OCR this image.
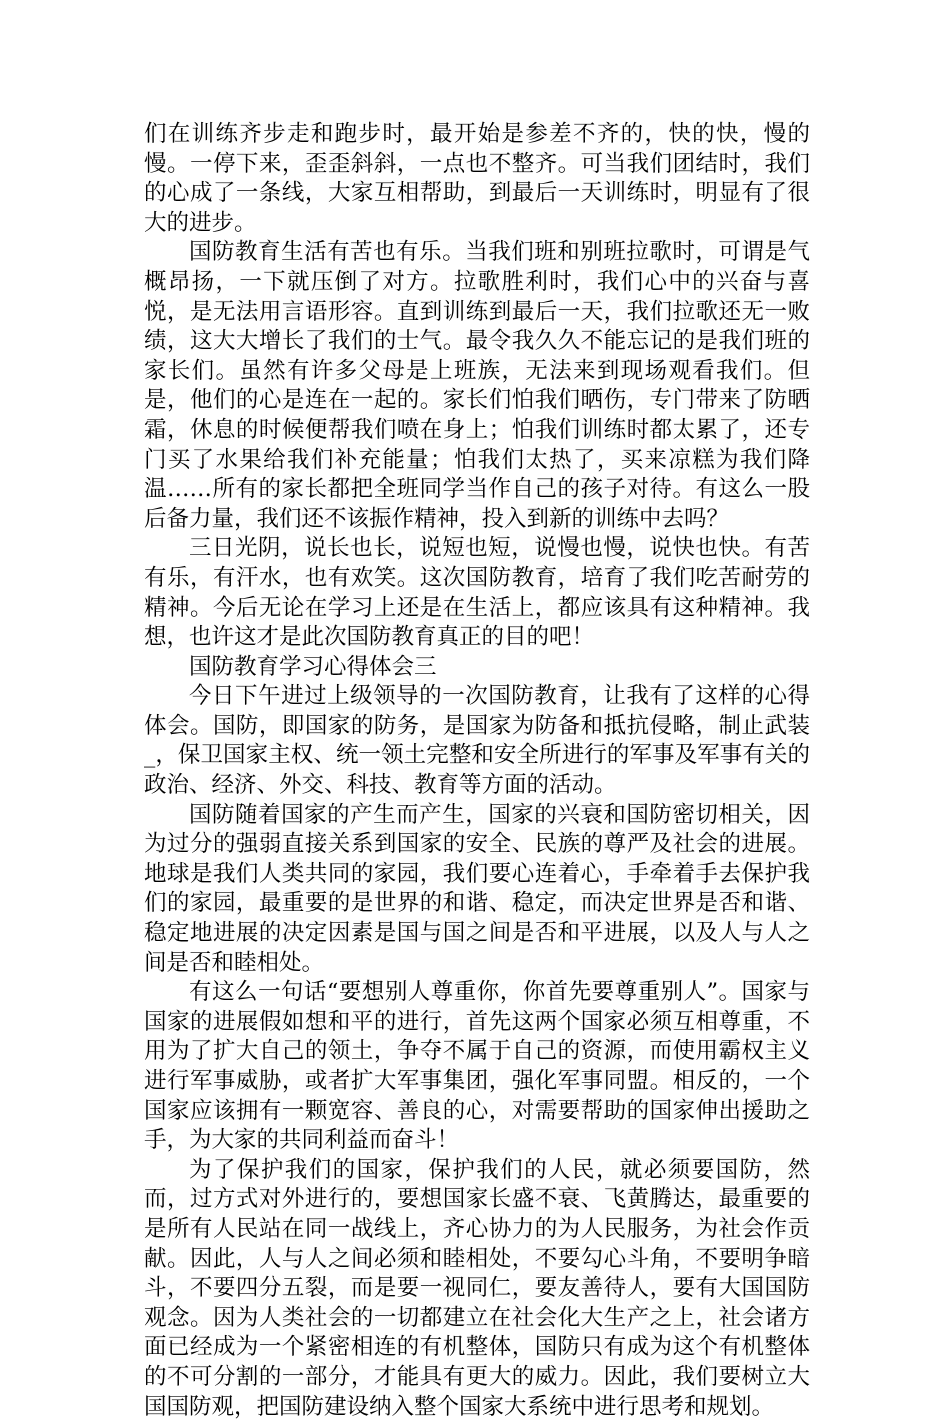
们在训练齐步走和跑步时，最开始是参差不齐的，快的快，慢的慢。一停下来，歪歪斜斜，一点也不整齐。可当我们团结时，我们的心成了一条线，大家互相帮助，到最后一天训练时，明显有了很大的进步。

国防教育生活有苦也有乐。当我们班和别班拉歌时，可谓是气概昂扬，一下就压倒了对方。拉歌胜利时，我们心中的兴奋与喜悦，是无法用言语形容。直到训练到最后一天，我们拉歌还无一败绩，这大大增长了我们的士气。最令我久久不能忘记的是我们班的家长们。虽然有许多父母是上班族，无法来到现场观看我们。但是，他们的心是连在一起的。家长们怕我们晒伤，专门带来了防晒霜，休息的时候便帮我们喷在身上；怕我们训练时都太累了，还专门买了水果给我们补充能量；怕我们太热了，买来凉糕为我们降温……所有的家长都把全班同学当作自己的孩子对待。有这么一股后备力量，我们还不该振作精神，投入到新的训练中去吗？

三日光阴，说长也长，说短也短，说慢也慢，说快也快。有苦有乐，有汗水，也有欢笑。这次国防教育，培育了我们吃苦耐劳的精神。今后无论在学习上还是在生活上，都应该具有这种精神。我想，也许这才是此次国防教育真正的目的吧！

国防教育学习心得体会三

今日下午进过上级领导的一次国防教育，让我有了这样的心得体会。国防，即国家的防务，是国家为防备和抵抗侵略，制止武装_，保卫国家主权、统一领土完整和安全所进行的军事及军事有关的政治、经济、外交、科技、教育等方面的活动。

国防随着国家的产生而产生，国家的兴衰和国防密切相关，因为过分的强弱直接关系到国家的安全、民族的尊严及社会的进展。地球是我们人类共同的家园，我们要心连着心，手牵着手去保护我们的家园，最重要的是世界的和谐、稳定，而决定世界是否和谐、稳定地进展的决定因素是国与国之间是否和平进展，以及人与人之间是否和睦相处。

有这么一句话“要想别人尊重你，你首先要尊重别人”。国家与国家的进展假如想和平的进行，首先这两个国家必须互相尊重，不用为了扩大自己的领土，争夺不属于自己的资源，而使用霸权主义进行军事威胁，或者扩大军事集团，强化军事同盟。相反的，一个国家应该拥有一颗宽容、善良的心，对需要帮助的国家伸出援助之手，为大家的共同利益而奋斗！

为了保护我们的国家，保护我们的人民，就必须要国防，然而，过方式对外进行的，要想国家长盛不衰、飞黄腾达，最重要的是所有人民站在同一战线上，齐心协力的为人民服务，为社会作贡献。因此，人与人之间必须和睦相处，不要勾心斗角，不要明争暗斗，不要四分五裂，而是要一视同仁，要友善待人，要有大国国防观念。因为人类社会的一切都建立在社会化大生产之上，社会诸方面已经成为一个紧密相连的有机整体，国防只有成为这个有机整体的不可分割的一部分，才能具有更大的威力。因此，我们要树立大国国防观，把国防建设纳入整个国家大系统中进行思考和规划。
